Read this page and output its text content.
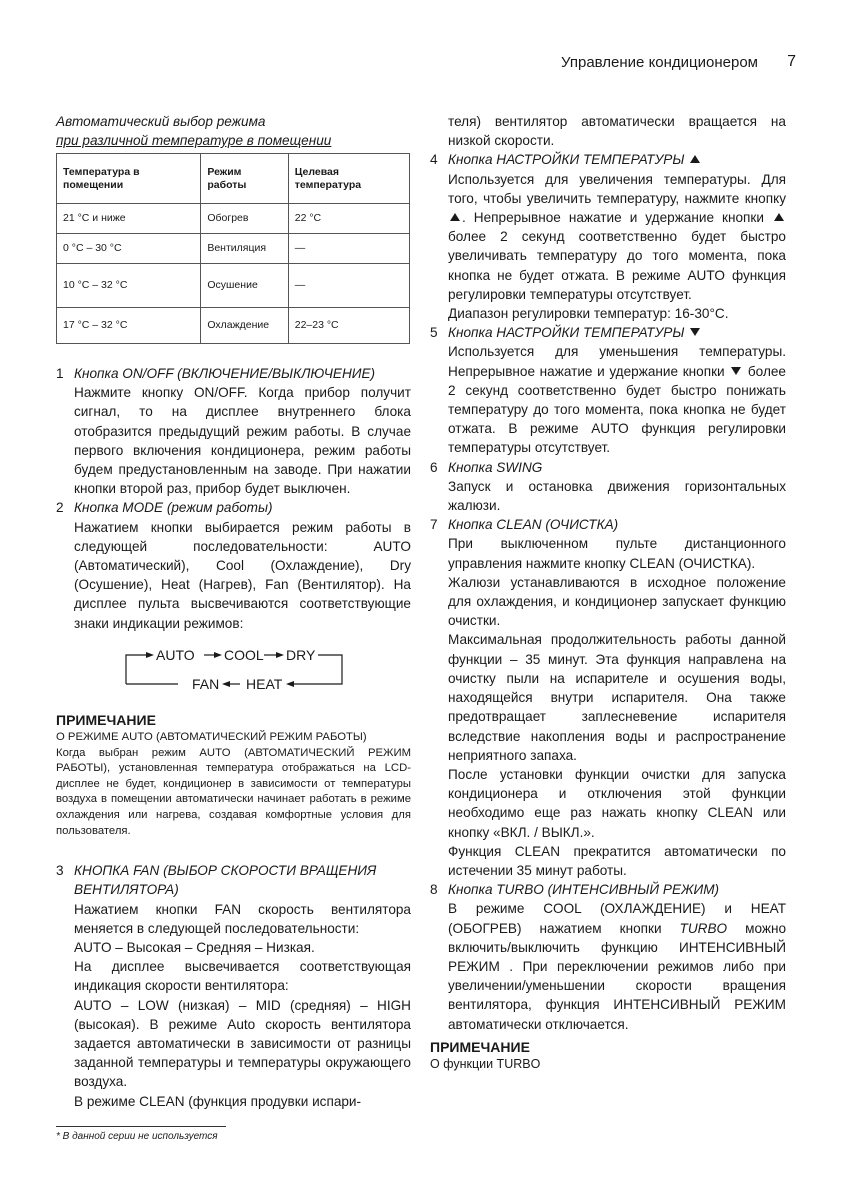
Управление кондиционером 7
Автоматический выбор режима
при различной температуре в помещении
Температура в помещении	Режим работы	Целевая температура
21 °C и ниже	Обогрев	22 °C
0 °C – 30 °C	Вентиляция	—
10 °C – 32 °C	Осушение	—
17 °C – 32 °C	Охлаждение	22–23 °C
1 Кнопка ON/OFF (ВКЛЮЧЕНИЕ/ВЫКЛЮЧЕНИЕ)
Нажмите кнопку ON/OFF. Когда прибор получит сигнал, то на дисплее внутреннего блока отобразится предыдущий режим работы. В случае первого включения кондиционера, режим работы будем предустановленным на заводе. При нажатии кнопки второй раз, прибор будет выключен.
2 Кнопка MODE (режим работы)
Нажатием кнопки выбирается режим работы в следующей последовательности: AUTO (Автоматический), Cool (Охлаждение), Dry (Осушение), Heat (Нагрев), Fan (Вентилятор). На дисплее пульта высвечиваются соответствующие знаки индикации режимов:
AUTO COOL DRY
FAN HEAT
ПРИМЕЧАНИЕ
О РЕЖИМЕ AUTO (АВТОМАТИЧЕСКИЙ РЕЖИМ РАБОТЫ)
Когда выбран режим AUTO (АВТОМАТИЧЕСКИЙ РЕЖИМ РАБОТЫ), установленная температура отображаться на LCD-дисплее не будет, кондиционер в зависимости от температуры воздуха в помещении автоматически начинает работать в режиме охлаждения или нагрева, создавая комфортные условия для пользователя.
3 КНОПКА FAN (ВЫБОР СКОРОСТИ ВРАЩЕНИЯ ВЕНТИЛЯТОРА)
Нажатием кнопки FAN скорость вентилятора меняется в следующей последовательности:
AUTO – Высокая – Средняя – Низкая.
На дисплее высвечивается соответствующая индикация скорости вентилятора:
AUTO – LOW (низкая) – MID (средняя) – HIGH (высокая). В режиме Auto скорость вентилятора задается автоматически в зависимости от разницы заданной температуры и температуры окружающего воздуха.
В режиме CLEAN (функция продувки испари-
теля) вентилятор автоматически вращается на низкой скорости.
4 Кнопка НАСТРОЙКИ ТЕМПЕРАТУРЫ
Используется для увеличения температуры. Для того, чтобы увеличить температуру, нажмите кнопку . Непрерывное нажатие и удержание кнопки  более 2 секунд соответственно будет быстро увеличивать температуру до того момента, пока кнопка не будет отжата. В режиме AUTO функция регулировки температуры отсутствует.
Диапазон регулировки температур: 16-30°С.
5 Кнопка НАСТРОЙКИ ТЕМПЕРАТУРЫ
Используется для уменьшения температуры. Непрерывное нажатие и удержание кнопки более 2 секунд соответственно будет быстро понижать температуру до того момента, пока кнопка не будет отжата. В режиме AUTO функция регулировки температуры отсутствует.
6 Кнопка SWING
Запуск и остановка движения горизонтальных жалюзи.
7 Кнопка CLEAN (ОЧИСТКА)
При выключенном пульте дистанционного управления нажмите кнопку CLEAN (ОЧИСТКА).
Жалюзи устанавливаются в исходное положение для охлаждения, и кондиционер запускает функцию очистки.
Максимальная продолжительность работы данной функции – 35 минут. Эта функция направлена на очистку пыли на испарителе и осушения воды, находящейся внутри испарителя. Она также предотвращает заплесневение испарителя вследствие накопления воды и распространение неприятного запаха.
После установки функции очистки для запуска кондиционера и отключения этой функции необходимо еще раз нажать кнопку CLEAN или кнопку «ВКЛ. / ВЫКЛ.».
Функция CLEAN прекратится автоматически по истечении 35 минут работы.
8 Кнопка TURBO (ИНТЕНСИВНЫЙ РЕЖИМ)
В режиме COOL (ОХЛАЖДЕНИЕ) и HEAT (ОБОГРЕВ) нажатием кнопки TURBO можно включить/выключить функцию ИНТЕНСИВНЫЙ РЕЖИМ . При переключении режимов либо при увеличении/уменьшении скорости вращения вентилятора, функция ИНТЕНСИВНЫЙ РЕЖИМ автоматически отключается.
ПРИМЕЧАНИЕ
О функции TURBO
* В данной серии не используется
